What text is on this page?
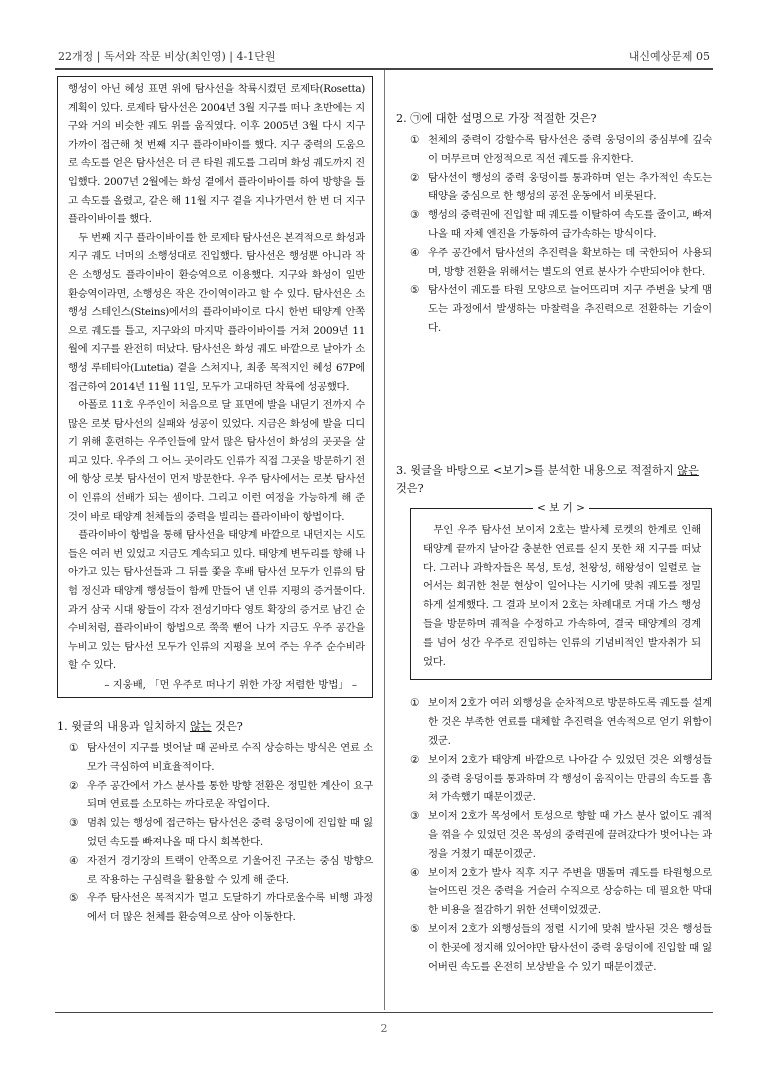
22개정 | 독서와 작문 비상(최인영) | 4-1단원	내신예상문제 05

행성이 아닌 혜성 표면 위에 탐사선을 착륙시켰던 로제타(Rosetta) 계획이 있다. 로제타 탐사선은 2004년 3월 지구를 떠나 초반에는 지구와 거의 비슷한 궤도 위를 움직였다. 이후 2005년 3월 다시 지구 가까이 접근해 첫 번째 지구 플라이바이를 했다. 지구 중력의 도움으로 속도를 얻은 탐사선은 더 큰 타원 궤도를 그리며 화성 궤도까지 진입했다. 2007년 2월에는 화성 곁에서 플라이바이를 하여 방향을 틀고 속도를 올렸고, 같은 해 11월 지구 곁을 지나가면서 한 번 더 지구 플라이바이를 했다.

두 번째 지구 플라이바이를 한 로제타 탐사선은 본격적으로 화성과 지구 궤도 너머의 소행성대로 진입했다. 탐사선은 행성뿐 아니라 작은 소행성도 플라이바이 환승역으로 이용했다. 지구와 화성이 일반 환승역이라면, 소행성은 작은 간이역이라고 할 수 있다. 탐사선은 소행성 스테인스(Steins)에서의 플라이바이로 다시 한번 태양계 안쪽으로 궤도를 틀고, 지구와의 마지막 플라이바이를 거쳐 2009년 11월에 지구를 완전히 떠났다. 탐사선은 화성 궤도 바깥으로 날아가 소행성 루테티아(Lutetia) 곁을 스쳐지나, 최종 목적지인 혜성 67P에 접근하여 2014년 11월 11일, 모두가 고대하던 착륙에 성공했다.

아폴로 11호 우주인이 처음으로 달 표면에 발을 내딛기 전까지 수많은 로봇 탐사선의 실패와 성공이 있었다. 지금은 화성에 발을 디디기 위해 훈련하는 우주인들에 앞서 많은 탐사선이 화성의 곳곳을 살피고 있다. 우주의 그 어느 곳이라도 인류가 직접 그곳을 방문하기 전에 항상 로봇 탐사선이 먼저 방문한다. 우주 탐사에서는 로봇 탐사선이 인류의 선배가 되는 셈이다. 그리고 이런 여정을 가능하게 해 준 것이 바로 태양계 천체들의 중력을 빌리는 플라이바이 항법이다.

플라이바이 항법을 통해 탐사선을 태양계 바깥으로 내던지는 시도들은 여러 번 있었고 지금도 계속되고 있다. 태양계 변두리를 향해 나아가고 있는 탐사선들과 그 뒤를 쫓을 후배 탐사선 모두가 인류의 탐험 정신과 태양계 행성들이 함께 만들어 낸 인류 지평의 증거물이다. 과거 삼국 시대 왕들이 각자 전성기마다 영토 확장의 증거로 남긴 순수비처럼, 플라이바이 항법으로 쭉쭉 뻗어 나가 지금도 우주 공간을 누비고 있는 탐사선 모두가 인류의 지평을 보여 주는 우주 순수비라 할 수 있다.

– 지웅배, 「먼 우주로 떠나기 위한 가장 저렴한 방법」 –
1. 윗글의 내용과 일치하지 않는 것은?
① 탐사선이 지구를 벗어날 때 곧바로 수직 상승하는 방식은 연료 소모가 극심하여 비효율적이다.
② 우주 공간에서 가스 분사를 통한 방향 전환은 정밀한 계산이 요구되며 연료를 소모하는 까다로운 작업이다.
③ 멈춰 있는 행성에 접근하는 탐사선은 중력 웅덩이에 진입할 때 잃었던 속도를 빠져나올 때 다시 회복한다.
④ 자전거 경기장의 트랙이 안쪽으로 기울어진 구조는 중심 방향으로 작용하는 구심력을 활용할 수 있게 해 준다.
⑤ 우주 탐사선은 목적지가 멀고 도달하기 까다로울수록 비행 과정에서 더 많은 천체를 환승역으로 삼아 이동한다.
2. ㉠에 대한 설명으로 가장 적절한 것은?
① 천체의 중력이 강할수록 탐사선은 중력 웅덩이의 중심부에 깊숙이 머무르며 안정적으로 직선 궤도를 유지한다.
② 탐사선이 행성의 중력 웅덩이를 통과하며 얻는 추가적인 속도는 태양을 중심으로 한 행성의 공전 운동에서 비롯된다.
③ 행성의 중력권에 진입할 때 궤도를 이탈하여 속도를 줄이고, 빠져나올 때 자체 엔진을 가동하여 급가속하는 방식이다.
④ 우주 공간에서 탐사선의 추진력을 확보하는 데 국한되어 사용되며, 방향 전환을 위해서는 별도의 연료 분사가 수반되어야 한다.
⑤ 탐사선이 궤도를 타원 모양으로 늘어뜨리며 지구 주변을 낮게 맴도는 과정에서 발생하는 마찰력을 추진력으로 전환하는 기술이다.
3. 윗글을 바탕으로 <보기>를 분석한 내용으로 적절하지 않은 것은?
< 보 기 >

무인 우주 탐사선 보이저 2호는 발사체 로켓의 한계로 인해 태양계 끝까지 날아갈 충분한 연료를 싣지 못한 채 지구를 떠났다. 그러나 과학자들은 목성, 토성, 천왕성, 해왕성이 일렬로 늘어서는 희귀한 천문 현상이 일어나는 시기에 맞춰 궤도를 정밀하게 설계했다. 그 결과 보이저 2호는 차례대로 거대 가스 행성들을 방문하며 궤적을 수정하고 가속하여, 결국 태양계의 경계를 넘어 성간 우주로 진입하는 인류의 기념비적인 발자취가 되었다.

① 보이저 2호가 여러 외행성을 순차적으로 방문하도록 궤도를 설계한 것은 부족한 연료를 대체할 추진력을 연속적으로 얻기 위함이겠군.
② 보이저 2호가 태양계 바깥으로 나아갈 수 있었던 것은 외행성들의 중력 웅덩이를 통과하며 각 행성이 움직이는 만큼의 속도를 훔쳐 가속했기 때문이겠군.
③ 보이저 2호가 목성에서 토성으로 향할 때 가스 분사 없이도 궤적을 꺾을 수 있었던 것은 목성의 중력권에 끌려갔다가 벗어나는 과정을 거쳤기 때문이겠군.
④ 보이저 2호가 발사 직후 지구 주변을 맴돌며 궤도를 타원형으로 늘어뜨린 것은 중력을 거슬러 수직으로 상승하는 데 필요한 막대한 비용을 절감하기 위한 선택이었겠군.
⑤ 보이저 2호가 외행성들의 정렬 시기에 맞춰 발사된 것은 행성들이 한곳에 정지해 있어야만 탐사선이 중력 웅덩이에 진입할 때 잃어버린 속도를 온전히 보상받을 수 있기 때문이겠군.
2
